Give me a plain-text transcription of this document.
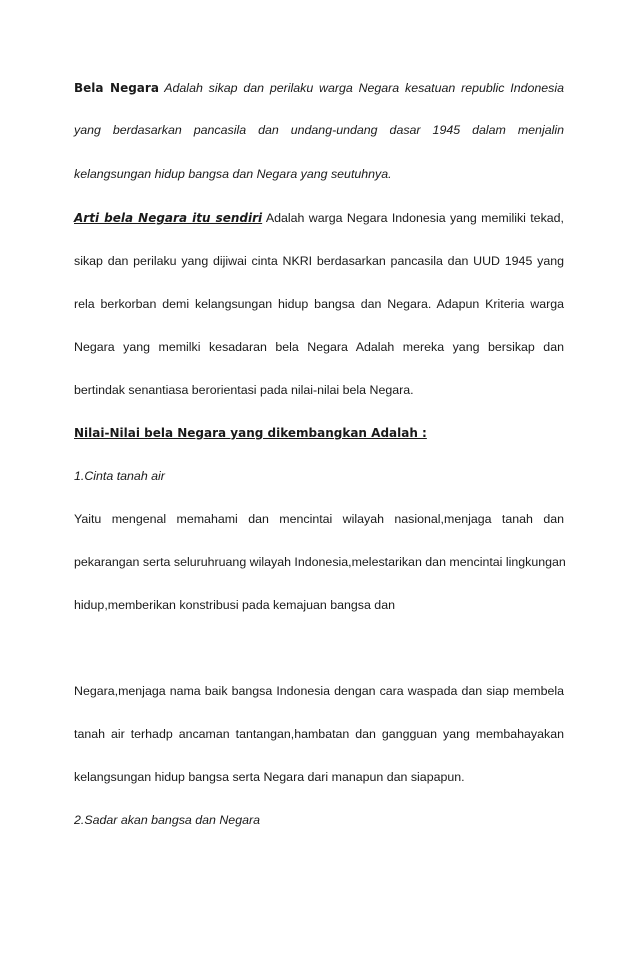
Bela Negara Adalah sikap dan perilaku warga Negara kesatuan republic Indonesia
yang berdasarkan pancasila dan undang-undang dasar 1945 dalam menjalin
kelangsungan hidup bangsa dan Negara yang seutuhnya.
Arti bela Negara itu sendiri Adalah warga Negara Indonesia yang memiliki tekad,
sikap dan perilaku yang dijiwai cinta NKRI berdasarkan pancasila dan UUD 1945 yang
rela berkorban demi kelangsungan hidup bangsa dan Negara. Adapun Kriteria warga
Negara yang memilki kesadaran bela Negara Adalah mereka yang bersikap dan
bertindak senantiasa berorientasi pada nilai-nilai bela Negara.
Nilai-Nilai bela Negara yang dikembangkan Adalah :
1.Cinta tanah air
Yaitu mengenal memahami dan mencintai wilayah nasional,menjaga tanah dan
pekarangan serta seluruhruang wilayah Indonesia,melestarikan dan mencintai lingkungan
hidup,memberikan konstribusi pada kemajuan bangsa dan
Negara,menjaga nama baik bangsa Indonesia dengan cara waspada dan siap membela
tanah air terhadp ancaman tantangan,hambatan dan gangguan yang membahayakan
kelangsungan hidup bangsa serta Negara dari manapun dan siapapun.
2.Sadar akan bangsa dan Negara
